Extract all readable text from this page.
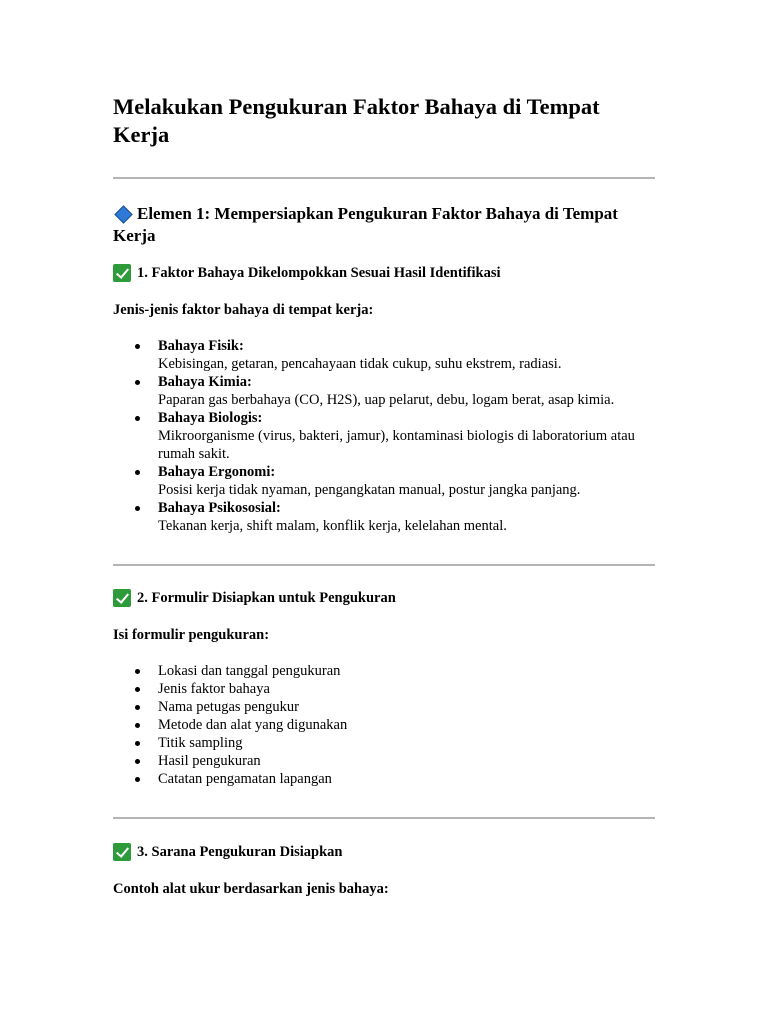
Melakukan Pengukuran Faktor Bahaya di Tempat Kerja
Elemen 1: Mempersiapkan Pengukuran Faktor Bahaya di Tempat Kerja
1. Faktor Bahaya Dikelompokkan Sesuai Hasil Identifikasi

Jenis-jenis faktor bahaya di tempat kerja:

Bahaya Fisik:
Kebisingan, getaran, pencahayaan tidak cukup, suhu ekstrem, radiasi.
Bahaya Kimia:
Paparan gas berbahaya (CO, H2S), uap pelarut, debu, logam berat, asap kimia.
Bahaya Biologis:
Mikroorganisme (virus, bakteri, jamur), kontaminasi biologis di laboratorium atau rumah sakit.
Bahaya Ergonomi:
Posisi kerja tidak nyaman, pengangkatan manual, postur jangka panjang.
Bahaya Psikososial:
Tekanan kerja, shift malam, konflik kerja, kelelahan mental.
2. Formulir Disiapkan untuk Pengukuran

Isi formulir pengukuran:

Lokasi dan tanggal pengukuran
Jenis faktor bahaya
Nama petugas pengukur
Metode dan alat yang digunakan
Titik sampling
Hasil pengukuran
Catatan pengamatan lapangan
3. Sarana Pengukuran Disiapkan

Contoh alat ukur berdasarkan jenis bahaya:
